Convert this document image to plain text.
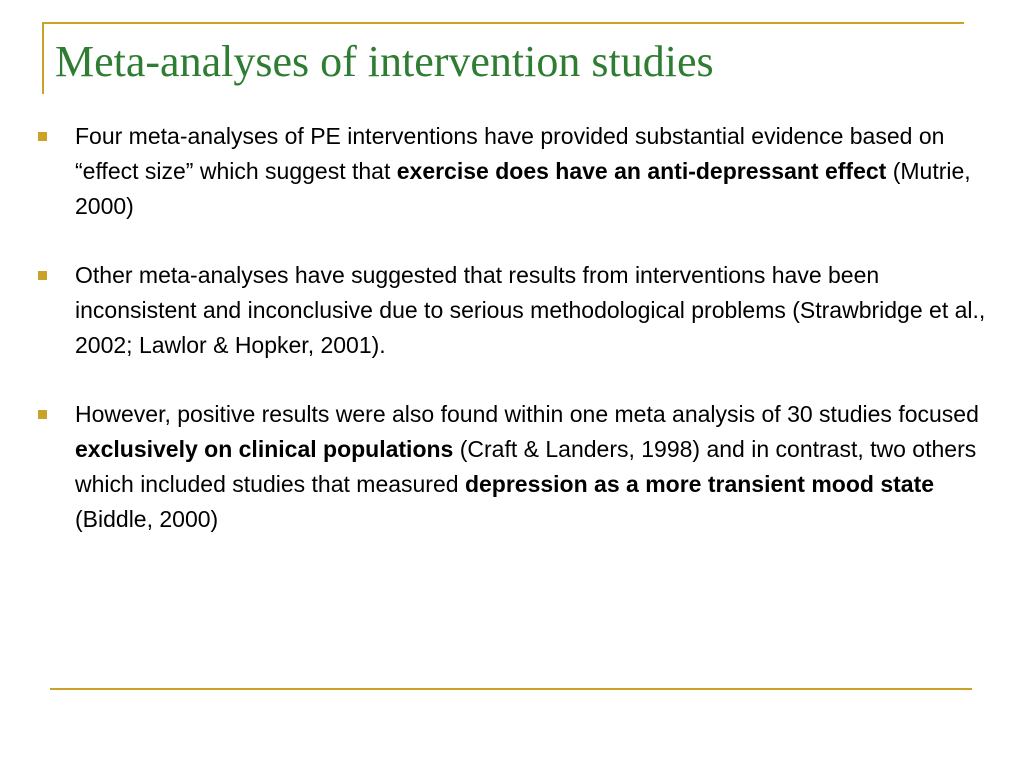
Meta-analyses of intervention studies
Four meta-analyses of PE interventions have provided substantial evidence based on “effect size” which suggest that exercise does have an anti-depressant effect (Mutrie, 2000)
Other meta-analyses have suggested that results from interventions have been inconsistent and inconclusive due to serious methodological problems (Strawbridge et al., 2002; Lawlor & Hopker, 2001).
However, positive results were also found within one meta analysis of 30 studies focused exclusively on clinical populations (Craft & Landers, 1998) and in contrast, two others which included studies that measured depression as a more transient mood state (Biddle, 2000)
